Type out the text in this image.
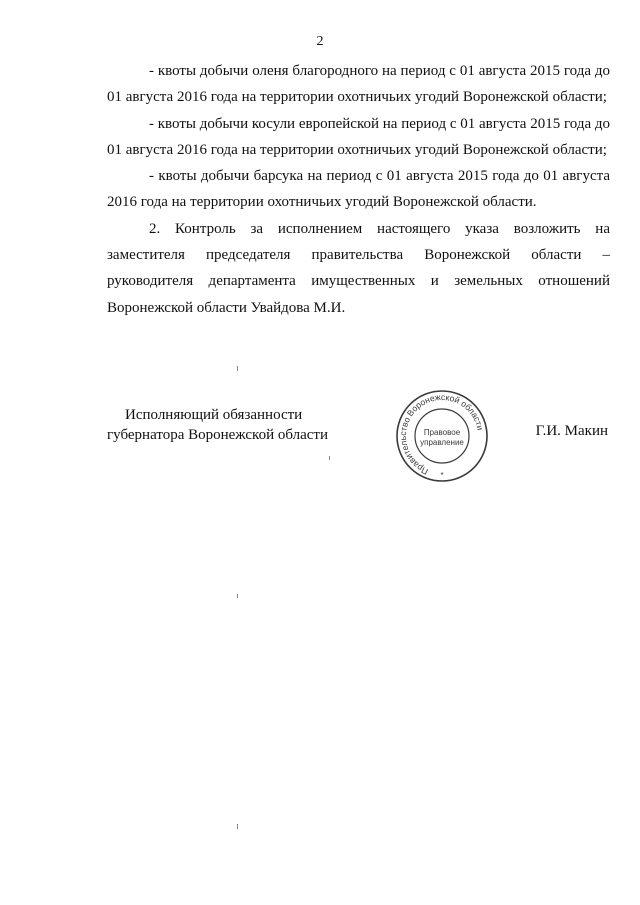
2

- квоты добычи оленя благородного на период с 01 августа 2015 года до 01 августа 2016 года на территории охотничьих угодий Воронежской области;

- квоты добычи косули европейской на период с 01 августа 2015 года до 01 августа 2016 года на территории охотничьих угодий Воронежской области;

- квоты добычи барсука на период с 01 августа 2015 года до 01 августа 2016 года на территории охотничьих угодий Воронежской области.

2. Контроль за исполнением настоящего указа возложить на заместителя председателя правительства Воронежской области – руководителя департамента имущественных и земельных отношений Воронежской области Увайдова М.И.

Исполняющий обязанности
губернатора Воронежской области
Правительство Воронежской области
Правовое
управление
*
Г.И. Макин
